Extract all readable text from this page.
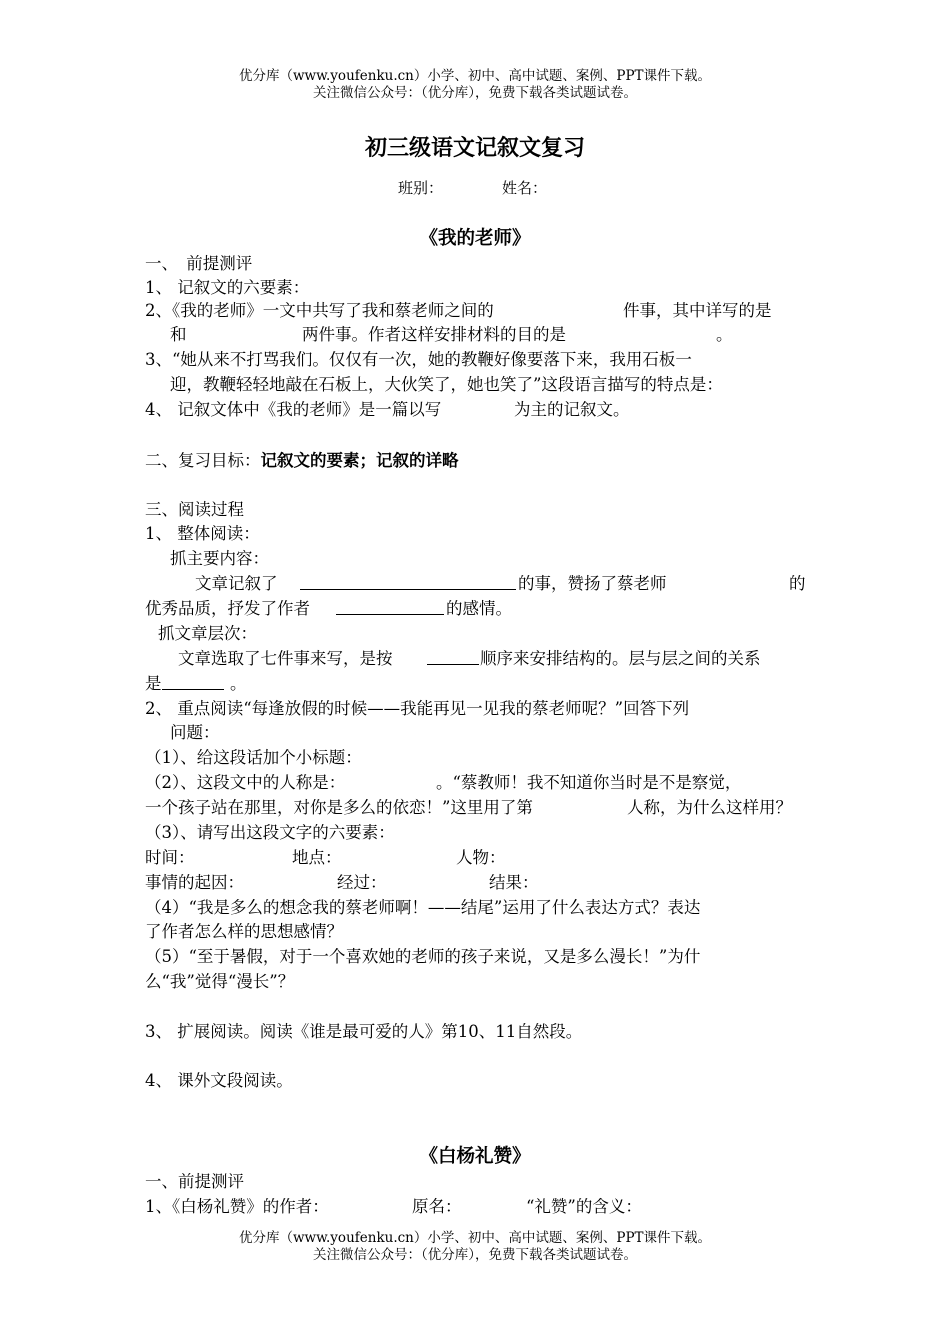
优分库（www.youfenku.cn）小学、初中、高中试题、案例、PPT课件下载。
关注微信公众号：（优分库），免费下载各类试题试卷。
初三级语文记叙文复习
班别：	姓名：
《我的老师》
一、　前提测评
1、 记叙文的六要素：
2、《我的老师》一文中共写了我和蔡老师之间的	件事，其中详写的是
和	两件事。作者这样安排材料的目的是	。
3、“她从来不打骂我们。仅仅有一次，她的教鞭好像要落下来，我用石板一
迎，教鞭轻轻地敲在石板上，大伙笑了，她也笑了”这段语言描写的特点是：
4、 记叙文体中《我的老师》是一篇以写	为主的记叙文。
二、复习目标：记叙文的要素；记叙的详略
三、阅读过程
1、 整体阅读：
抓主要内容：
文章记叙了	的事，赞扬了蔡老师	的
优秀品质，抒发了作者	的感情。
抓文章层次：
文章选取了七件事来写，是按	顺序来安排结构的。层与层之间的关系
是	。
2、 重点阅读“每逢放假的时候——我能再见一见我的蔡老师呢？”回答下列
问题：
（1）、给这段话加个小标题：
（2）、这段文中的人称是：	。“蔡教师！我不知道你当时是不是察觉，
一个孩子站在那里，对你是多么的依恋！”这里用了第	人称，为什么这样用？
（3）、请写出这段文字的六要素：
时间：	地点：	人物：
事情的起因：	经过：	结果：
（4）“我是多么的想念我的蔡老师啊！——结尾”运用了什么表达方式？表达
了作者怎么样的思想感情？
（5）“至于暑假，对于一个喜欢她的老师的孩子来说，又是多么漫长！”为什
么“我”觉得“漫长”？
3、 扩展阅读。阅读《谁是最可爱的人》第10、11自然段。
4、 课外文段阅读。
《白杨礼赞》
一、前提测评
1、《白杨礼赞》的作者：	原名：	“礼赞”的含义：
优分库（www.youfenku.cn）小学、初中、高中试题、案例、PPT课件下载。
关注微信公众号：（优分库），免费下载各类试题试卷。
